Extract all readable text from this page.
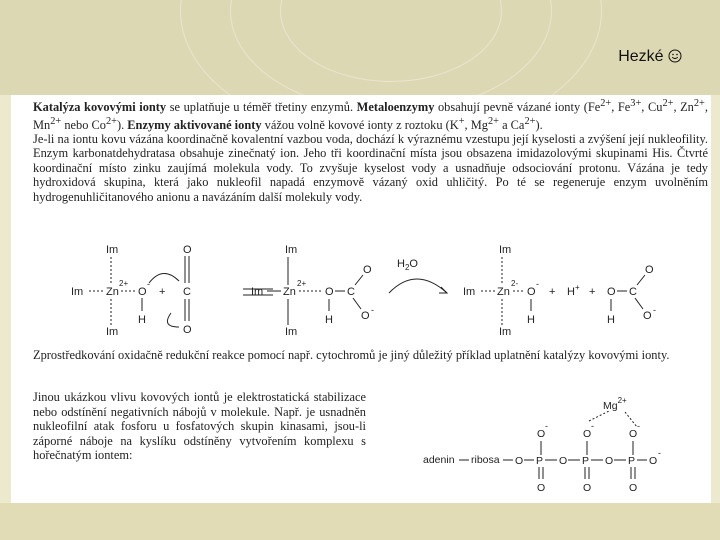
Hezké
Katalýza kovovými ionty se uplatňuje u téměř třetiny enzymů. Metaloenzymy obsahují pevně vázané ionty ($Fe^{2+}$, $Fe^{3+}$, $Cu^{2+}$, $Zn^{2+}$, $Mn^{2+}$ nebo $Co^{2+}$). Enzymy aktivované ionty vážou volně kovové ionty z roztoku (K+, $Mg^{2+}$ a $Ca^{2+}$).
Je-li na iontu kovu vázána koordinačně kovalentní vazbou voda, dochází k výraznému vzestupu její kyselosti a zvýšení její nukleofility. Enzym karbonatdehydratasa obsahuje zinečnatý ion. Jeho tři koordinační místa jsou obsazena imidazolovými skupinami His. Čtvrté koordinační místo zinku zaujímá molekula vody. To zvyšuje kyselost vody a usnadňuje odsociování protonu. Vázána je tedy hydroxidová skupina, která jako nukleofil napadá enzymově vázaný oxid uhličitý. Po té se regeneruje enzym uvolněním hydrogenuhličitanového anionu a navázáním další molekuly vody.
Im
Im
Im
Zn
2+
O
-
H
+
O
C
O
Im
Im
Im
Zn
2+
O
H
C
O
O -
$H_2O$
Im
Im
Im
Zn
2-
O
-
H
+ H+ + O
H
C
O
O -
Zprostředkování oxidačně redukční reakce pomocí např. cytochromů je jiný důležitý příklad uplatnění katalýzy kovovými ionty.
Jinou ukázkou vlivu kovových iontů je elektrostatická stabilizace nebo odstínění negativních nábojů v molekule. Např. je usnadněn nukleofilní atak fosforu u fosfatových skupin kinasami, jsou-li záporné náboje na kyslíku odstíněny vytvořením komplexu s hořečnatým iontem:
$Mg^{2+}$
O
-
O
-
O
-
adenin ribosa O P O P O P O
-
O	O	O
